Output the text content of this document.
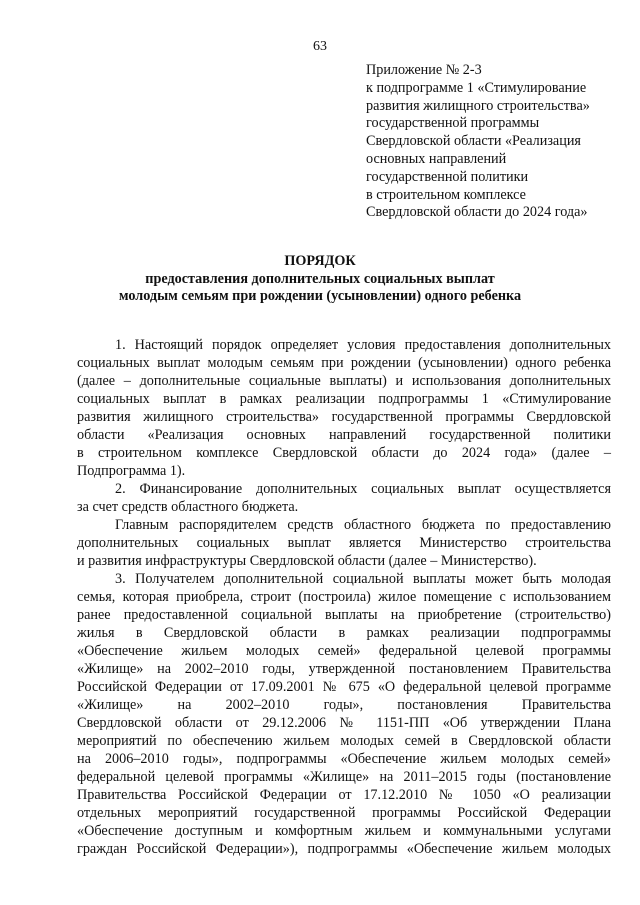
63
Приложение № 2-3
к подпрограмме 1 «Стимулирование
развития жилищного строительства»
государственной программы
Свердловской области «Реализация
основных направлений
государственной политики
в строительном комплексе
Свердловской области до 2024 года»
ПОРЯДОК
предоставления дополнительных социальных выплат
молодым семьям при рождении (усыновлении) одного ребенка
1. Настоящий порядок определяет условия предоставления дополнительных
социальных выплат молодым семьям при рождении (усыновлении) одного ребенка
(далее – дополнительные социальные выплаты) и использования дополнительных
социальных выплат в рамках реализации подпрограммы 1 «Стимулирование
развития жилищного строительства» государственной программы Свердловской
области «Реализация основных направлений государственной политики
в строительном комплексе Свердловской области до 2024 года» (далее –
Подпрограмма 1).
2. Финансирование дополнительных социальных выплат осуществляется
за счет средств областного бюджета.
Главным распорядителем средств областного бюджета по предоставлению
дополнительных социальных выплат является Министерство строительства
и развития инфраструктуры Свердловской области (далее – Министерство).
3. Получателем дополнительной социальной выплаты может быть молодая
семья, которая приобрела, строит (построила) жилое помещение с использованием
ранее предоставленной социальной выплаты на приобретение (строительство)
жилья в Свердловской области в рамках реализации подпрограммы
«Обеспечение жильем молодых семей» федеральной целевой программы
«Жилище» на 2002–2010 годы, утвержденной постановлением Правительства
Российской Федерации от 17.09.2001 № 675 «О федеральной целевой программе
«Жилище» на 2002–2010 годы», постановления Правительства
Свердловской области от 29.12.2006 № 1151-ПП «Об утверждении Плана
мероприятий по обеспечению жильем молодых семей в Свердловской области
на 2006–2010 годы», подпрограммы «Обеспечение жильем молодых семей»
федеральной целевой программы «Жилище» на 2011–2015 годы (постановление
Правительства Российской Федерации от 17.12.2010 № 1050 «О реализации
отдельных мероприятий государственной программы Российской Федерации
«Обеспечение доступным и комфортным жильем и коммунальными услугами
граждан Российской Федерации»), подпрограммы «Обеспечение жильем молодых
